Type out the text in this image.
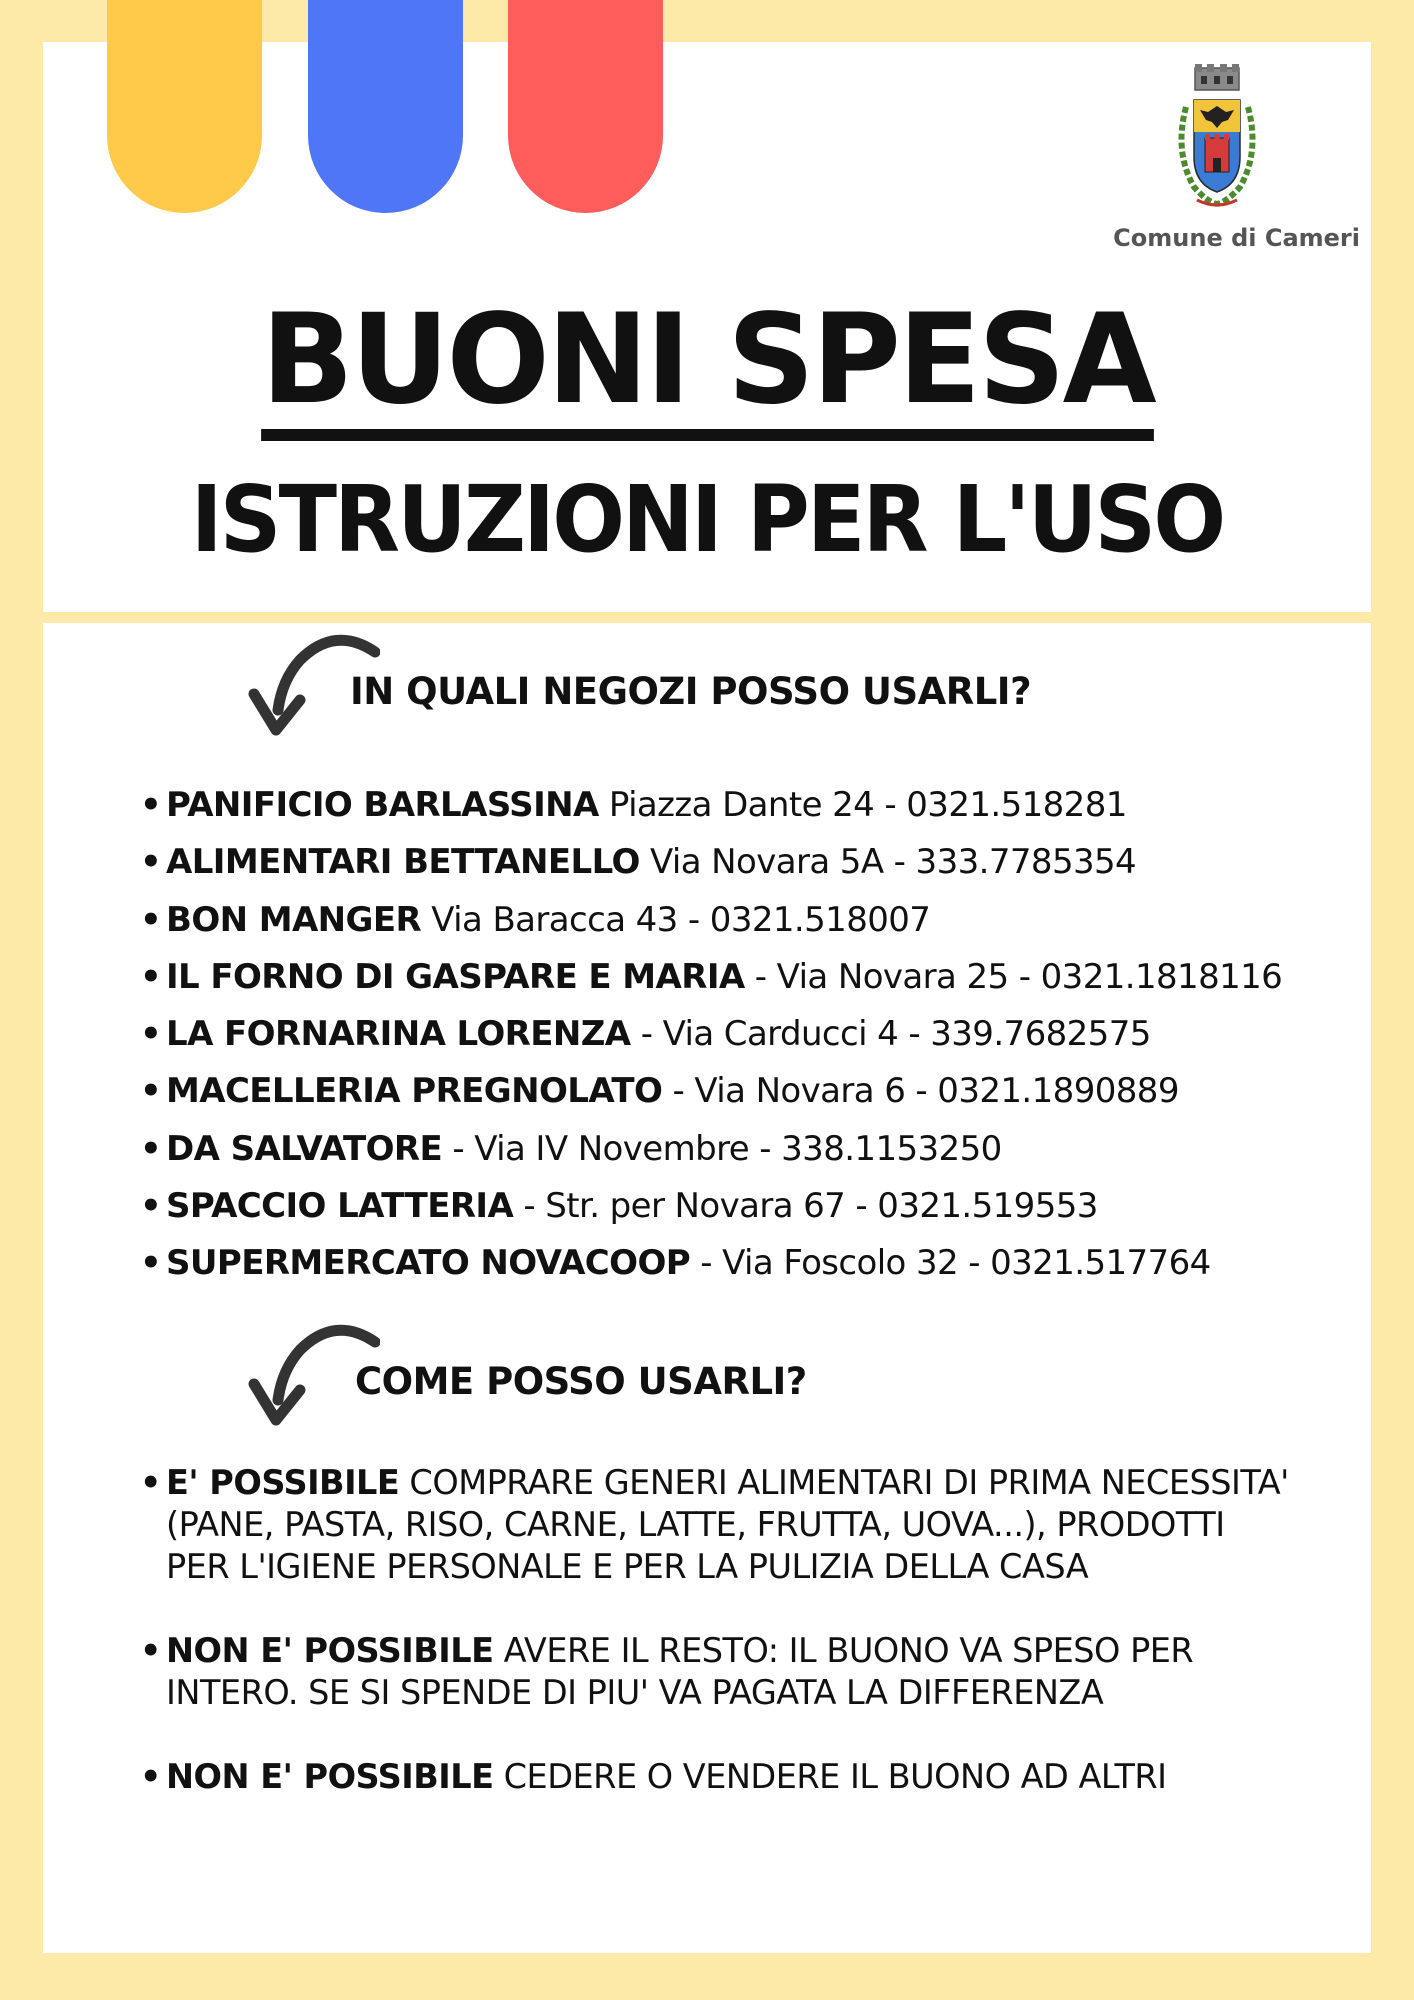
Comune di Cameri
BUONI SPESA
ISTRUZIONI PER L'USO
IN QUALI NEGOZI POSSO USARLI?
• PANIFICIO BARLASSINA Piazza Dante 24 - 0321.518281
• ALIMENTARI BETTANELLO Via Novara 5A - 333.7785354
• BON MANGER Via Baracca 43 - 0321.518007
• IL FORNO DI GASPARE E MARIA - Via Novara 25 - 0321.1818116
• LA FORNARINA LORENZA - Via Carducci 4 - 339.7682575
• MACELLERIA PREGNOLATO - Via Novara 6 - 0321.1890889
• DA SALVATORE - Via IV Novembre - 338.1153250
• SPACCIO LATTERIA - Str. per Novara 67 - 0321.519553
• SUPERMERCATO NOVACOOP - Via Foscolo 32 - 0321.517764
COME POSSO USARLI?
• E' POSSIBILE COMPRARE GENERI ALIMENTARI DI PRIMA NECESSITA' (PANE, PASTA, RISO, CARNE, LATTE, FRUTTA, UOVA...), PRODOTTI PER L'IGIENE PERSONALE E PER LA PULIZIA DELLA CASA
• NON E' POSSIBILE AVERE IL RESTO: IL BUONO VA SPESO PER INTERO. SE SI SPENDE DI PIU' VA PAGATA LA DIFFERENZA
• NON E' POSSIBILE CEDERE O VENDERE IL BUONO AD ALTRI
